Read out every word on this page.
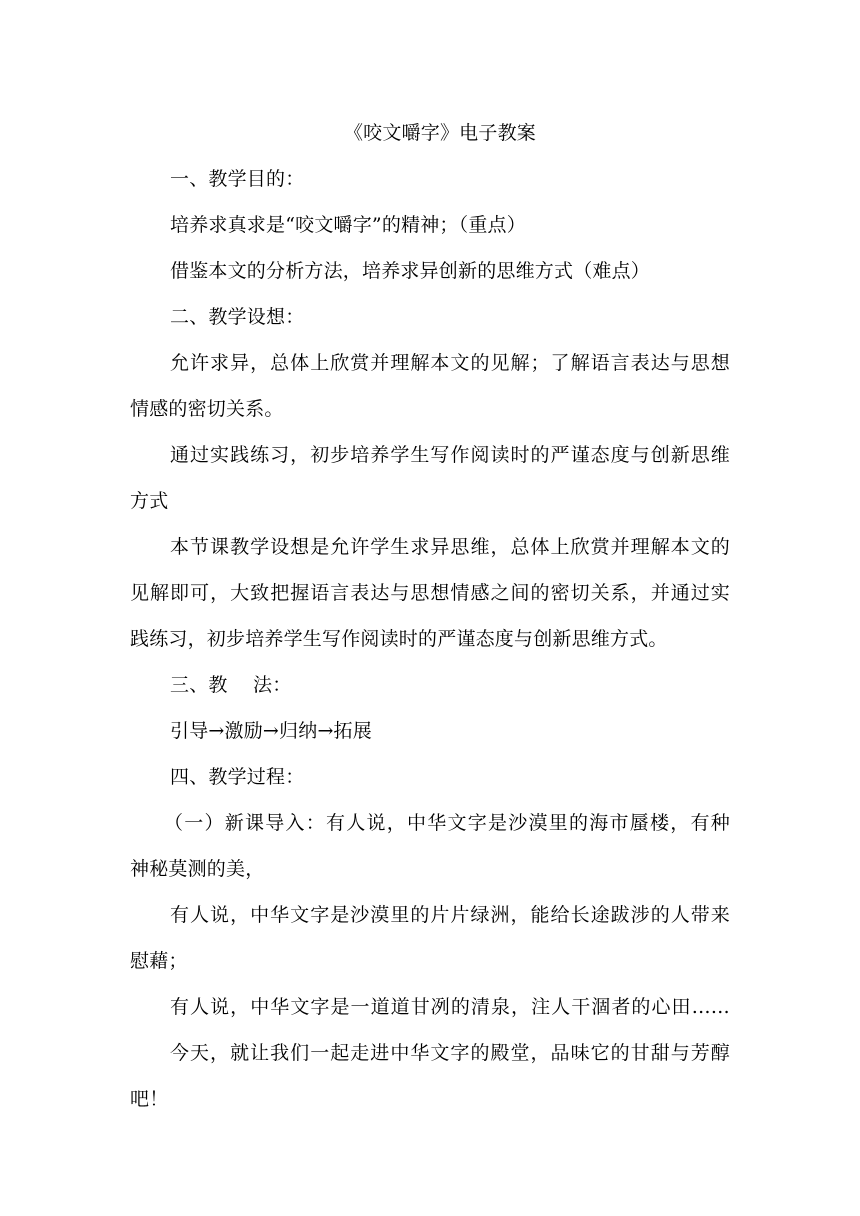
《咬文嚼字》电子教案
一、教学目的：
培养求真求是“咬文嚼字”的精神；（重点）
借鉴本文的分析方法，培养求异创新的思维方式（难点）
二、教学设想：
允许求异，总体上欣赏并理解本文的见解；了解语言表达与思想
情感的密切关系。
通过实践练习，初步培养学生写作阅读时的严谨态度与创新思维
方式
本节课教学设想是允许学生求异思维，总体上欣赏并理解本文的
见解即可，大致把握语言表达与思想情感之间的密切关系，并通过实
践练习，初步培养学生写作阅读时的严谨态度与创新思维方式。
三、教　 法：
引导→激励→归纳→拓展
四、教学过程：
（一）新课导入：有人说，中华文字是沙漠里的海市蜃楼，有种
神秘莫测的美，
有人说，中华文字是沙漠里的片片绿洲，能给长途跋涉的人带来
慰藉；
有人说，中华文字是一道道甘冽的清泉，注人干涸者的心田……
今天，就让我们一起走进中华文字的殿堂，品味它的甘甜与芳醇
吧！
